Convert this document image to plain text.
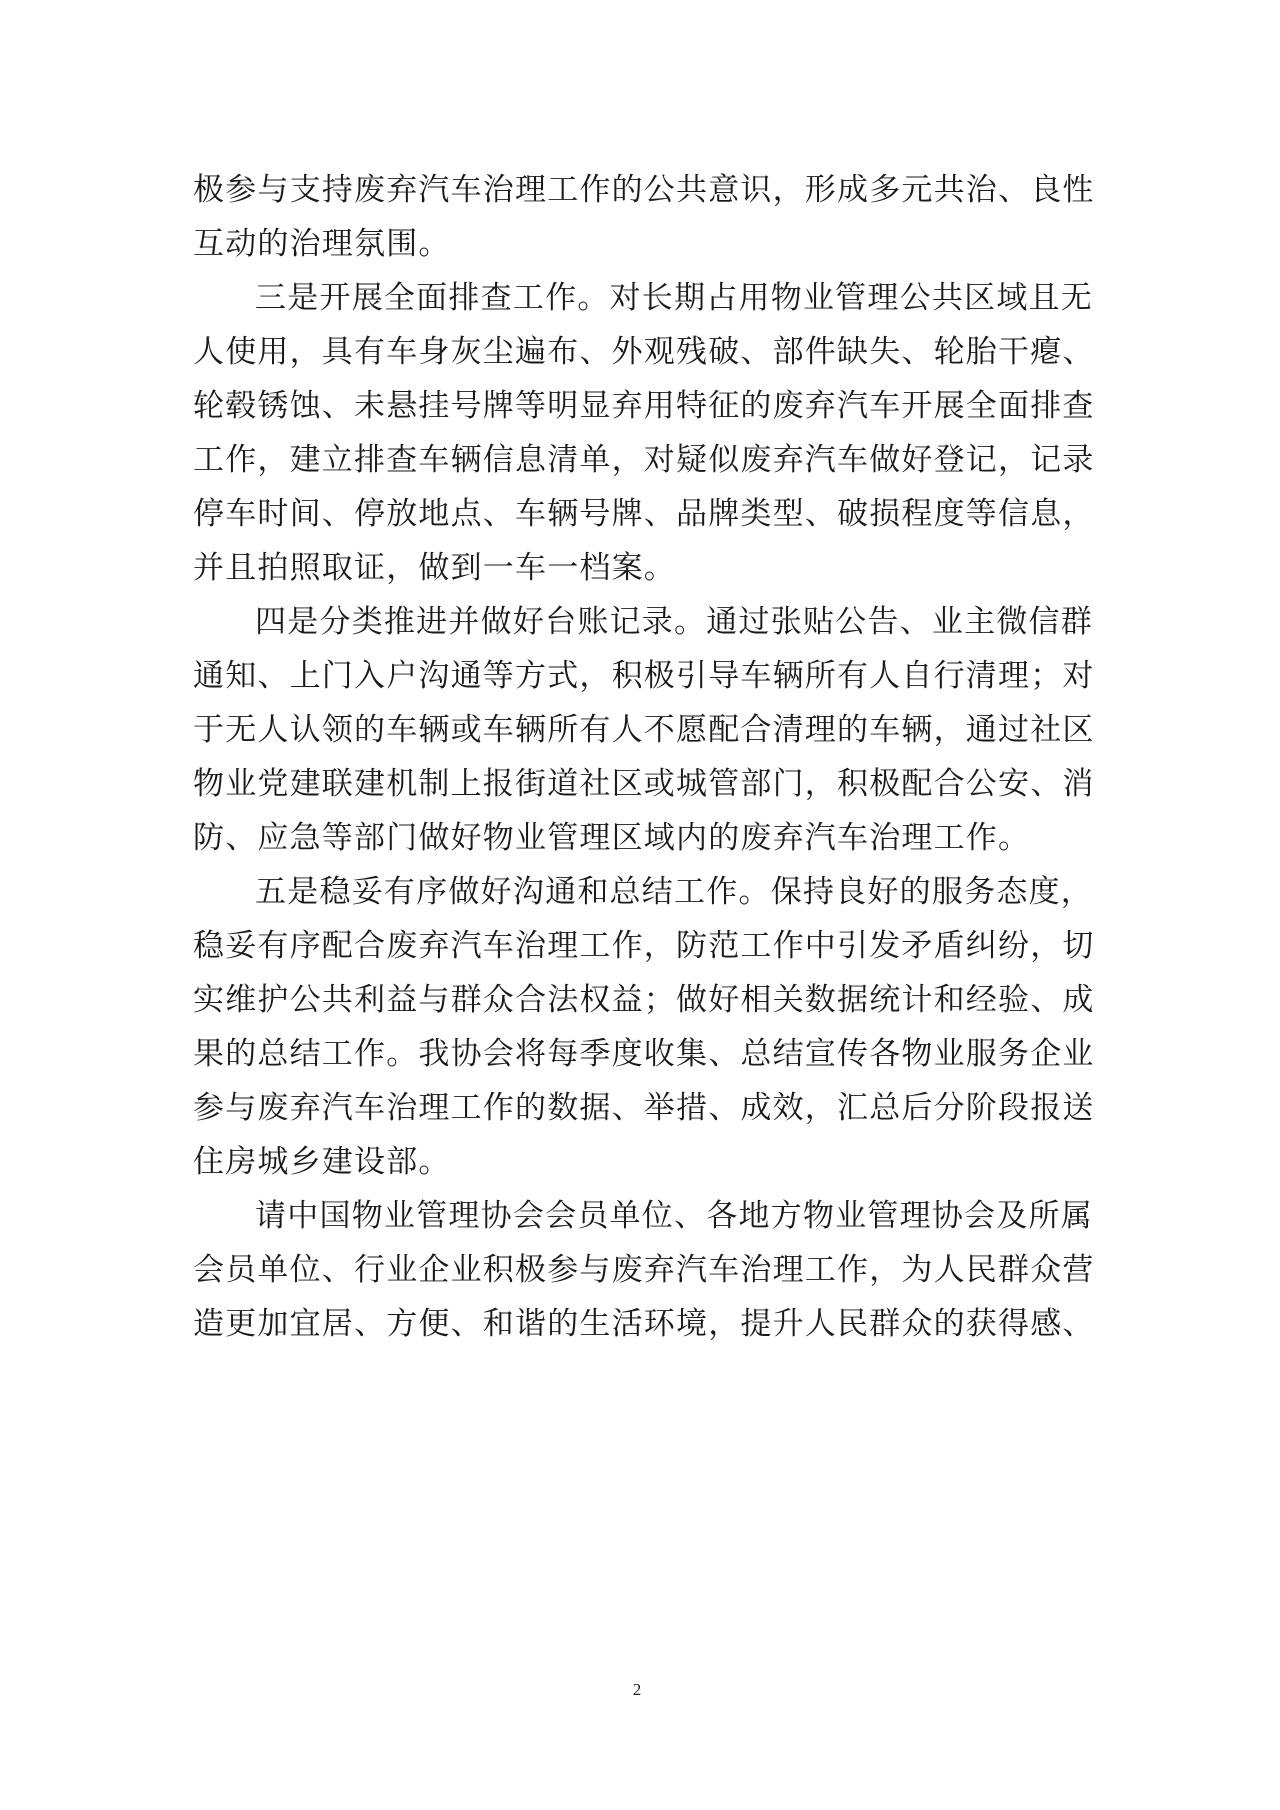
极参与支持废弃汽车治理工作的公共意识，形成多元共治、良性
互动的治理氛围。
三是开展全面排查工作。对长期占用物业管理公共区域且无
人使用，具有车身灰尘遍布、外观残破、部件缺失、轮胎干瘪、
轮毂锈蚀、未悬挂号牌等明显弃用特征的废弃汽车开展全面排查
工作，建立排查车辆信息清单，对疑似废弃汽车做好登记，记录
停车时间、停放地点、车辆号牌、品牌类型、破损程度等信息，
并且拍照取证，做到一车一档案。
四是分类推进并做好台账记录。通过张贴公告、业主微信群
通知、上门入户沟通等方式，积极引导车辆所有人自行清理；对
于无人认领的车辆或车辆所有人不愿配合清理的车辆，通过社区
物业党建联建机制上报街道社区或城管部门，积极配合公安、消
防、应急等部门做好物业管理区域内的废弃汽车治理工作。
五是稳妥有序做好沟通和总结工作。保持良好的服务态度，
稳妥有序配合废弃汽车治理工作，防范工作中引发矛盾纠纷，切
实维护公共利益与群众合法权益；做好相关数据统计和经验、成
果的总结工作。我协会将每季度收集、总结宣传各物业服务企业
参与废弃汽车治理工作的数据、举措、成效，汇总后分阶段报送
住房城乡建设部。
请中国物业管理协会会员单位、各地方物业管理协会及所属
会员单位、行业企业积极参与废弃汽车治理工作，为人民群众营
造更加宜居、方便、和谐的生活环境，提升人民群众的获得感、
2
